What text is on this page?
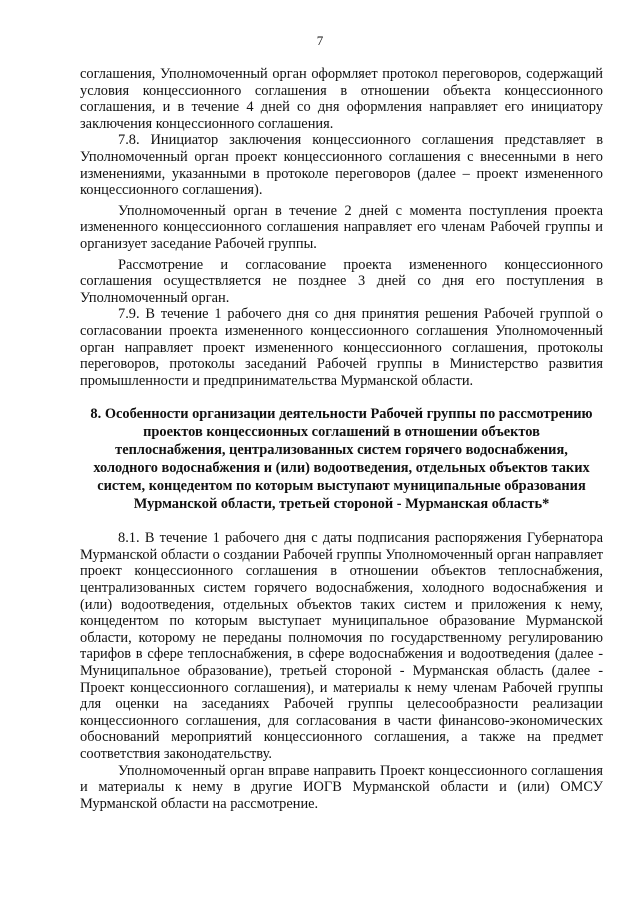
7

соглашения, Уполномоченный орган оформляет протокол переговоров, содержащий условия концессионного соглашения в отношении объекта концессионного соглашения, и в течение 4 дней со дня оформления направляет его инициатору заключения концессионного соглашения.

7.8. Инициатор заключения концессионного соглашения представляет в Уполномоченный орган проект концессионного соглашения с внесенными в него изменениями, указанными в протоколе переговоров (далее – проект измененного концессионного соглашения).

Уполномоченный орган в течение 2 дней с момента поступления проекта измененного концессионного соглашения направляет его членам Рабочей группы и организует заседание Рабочей группы.

Рассмотрение и согласование проекта измененного концессионного соглашения осуществляется не позднее 3 дней со дня его поступления в Уполномоченный орган.

7.9. В течение 1 рабочего дня со дня принятия решения Рабочей группой о согласовании проекта измененного концессионного соглашения Уполномоченный орган направляет проект измененного концессионного соглашения, протоколы переговоров, протоколы заседаний Рабочей группы в Министерство развития промышленности и предпринимательства Мурманской области.

8. Особенности организации деятельности Рабочей группы по рассмотрению проектов концессионных соглашений в отношении объектов теплоснабжения, централизованных систем горячего водоснабжения, холодного водоснабжения и (или) водоотведения, отдельных объектов таких систем, концедентом по которым выступают муниципальные образования Мурманской области, третьей стороной - Мурманская область*

8.1. В течение 1 рабочего дня с даты подписания распоряжения Губернатора Мурманской области о создании Рабочей группы Уполномоченный орган направляет проект концессионного соглашения в отношении объектов теплоснабжения, централизованных систем горячего водоснабжения, холодного водоснабжения и (или) водоотведения, отдельных объектов таких систем и приложения к нему, концедентом по которым выступает муниципальное образование Мурманской области, которому не переданы полномочия по государственному регулированию тарифов в сфере теплоснабжения, в сфере водоснабжения и водоотведения (далее - Муниципальное образование), третьей стороной - Мурманская область (далее - Проект концессионного соглашения), и материалы к нему членам Рабочей группы для оценки на заседаниях Рабочей группы целесообразности реализации концессионного соглашения, для согласования в части финансово-экономических обоснований мероприятий концессионного соглашения, а также на предмет соответствия законодательству.

Уполномоченный орган вправе направить Проект концессионного соглашения и материалы к нему в другие ИОГВ Мурманской области и (или) ОМСУ Мурманской области на рассмотрение.
